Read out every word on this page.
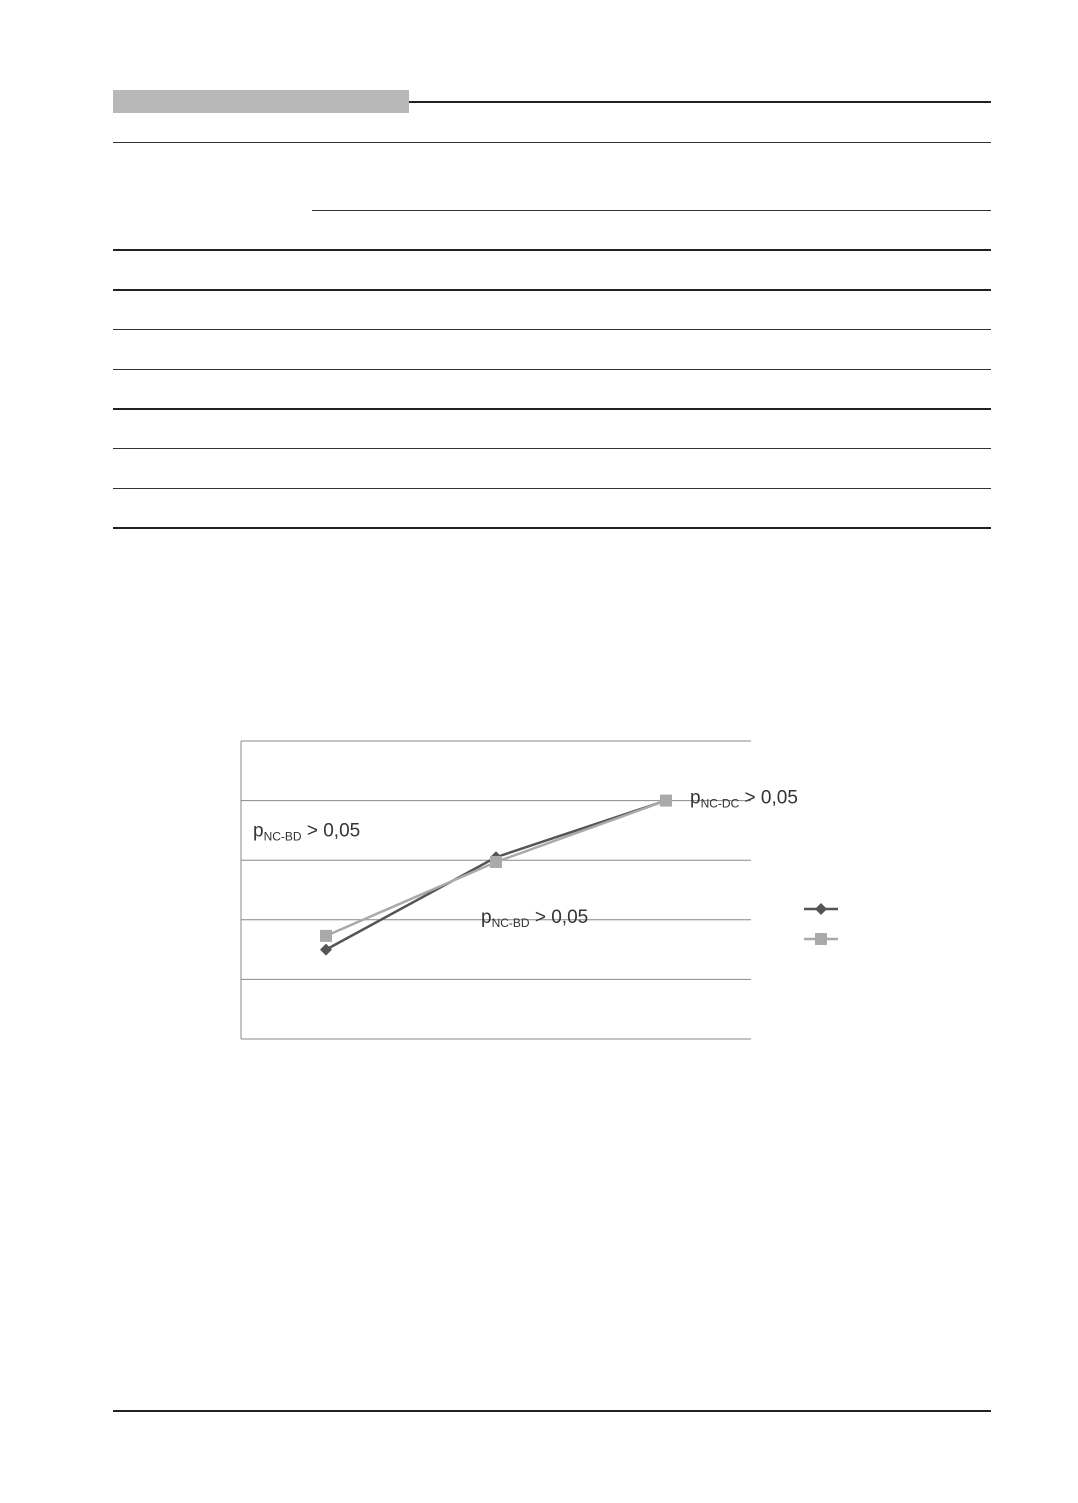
$p_{NC-BD} > 0,05$
$p_{NC-BD} > 0,05$
$p_{NC-DC} > 0,05$
